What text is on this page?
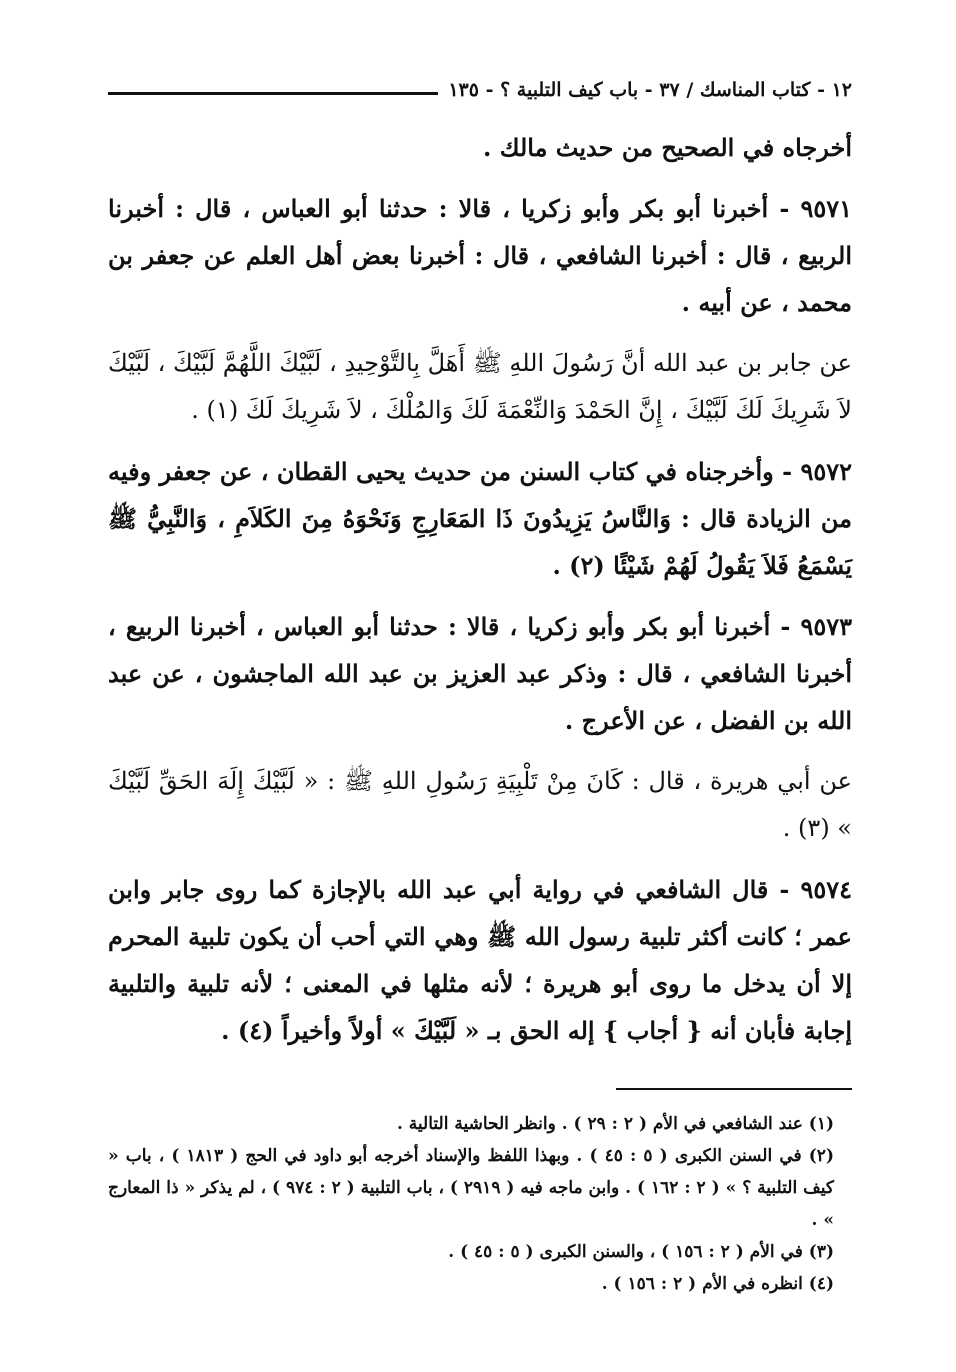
١٢ - كتاب المناسك / ٣٧ - باب كيف التلبية ؟ - ١٣٥

أخرجاه في الصحيح من حديث مالك .

٩٥٧١ - أخبرنا أبو بكر وأبو زكريا ، قالا : حدثنا أبو العباس ، قال : أخبرنا الربيع ، قال : أخبرنا الشافعي ، قال : أخبرنا بعض أهل العلم عن جعفر بن محمد ، عن أبيه .

عن جابر بن عبد الله أنَّ رَسُولَ اللهِ ﷺ أَهَلَّ بِالتَّوْحِيدِ ، لَبَّيْكَ اللَّهُمَّ لَبَّيْكَ ، لَبَّيْكَ لاَ شَرِيكَ لَكَ لَبَّيْكَ ، إِنَّ الحَمْدَ وَالنِّعْمَةَ لَكَ وَالمُلْكَ ، لاَ شَرِيكَ لَكَ (١) .

٩٥٧٢ - وأخرجناه في كتاب السنن من حديث يحيى القطان ، عن جعفر وفيه من الزيادة قال : وَالنَّاسُ يَزِيدُونَ ذَا المَعَارِجِ وَنَحْوَهُ مِنَ الكَلاَمِ ، وَالنَّبِيُّ ﷺ يَسْمَعُ فَلاَ يَقُولُ لَهُمْ شَيْئًا (٢) .

٩٥٧٣ - أخبرنا أبو بكر وأبو زكريا ، قالا : حدثنا أبو العباس ، أخبرنا الربيع ، أخبرنا الشافعي ، قال : وذكر عبد العزيز بن عبد الله الماجشون ، عن عبد الله بن الفضل ، عن الأعرج .

عن أبي هريرة ، قال : كَانَ مِنْ تَلْبِيَةِ رَسُولِ اللهِ ﷺ : « لَبَّيْكَ إِلَهَ الحَقِّ لَبَّيْكَ » (٣) .

٩٥٧٤ - قال الشافعي في رواية أبي عبد الله بالإجازة كما روى جابر وابن عمر ؛ كانت أكثر تلبية رسول الله ﷺ وهي التي أحب أن يكون تلبية المحرم إلا أن يدخل ما روى أبو هريرة ؛ لأنه مثلها في المعنى ؛ لأنه تلبية والتلبية إجابة فأبان أنه { أجاب } إله الحق بـ « لَبَّيْكَ » أولاً وأخيراً (٤) .

(١) عند الشافعي في الأم ( ٢ : ٢٩ ) . وانظر الحاشية التالية .

(٢) في السنن الكبرى ( ٥ : ٤٥ ) . وبهذا اللفظ والإسناد أخرجه أبو داود في الحج ( ١٨١٣ ) ، باب « كيف التلبية ؟ » ( ٢ : ١٦٢ ) . وابن ماجه فيه ( ٢٩١٩ ) ، باب التلبية ( ٢ : ٩٧٤ ) ، لم يذكر « ذا المعارج » .

(٣) في الأم ( ٢ : ١٥٦ ) ، والسنن الكبرى ( ٥ : ٤٥ ) .

(٤) انظره في الأم ( ٢ : ١٥٦ ) .
